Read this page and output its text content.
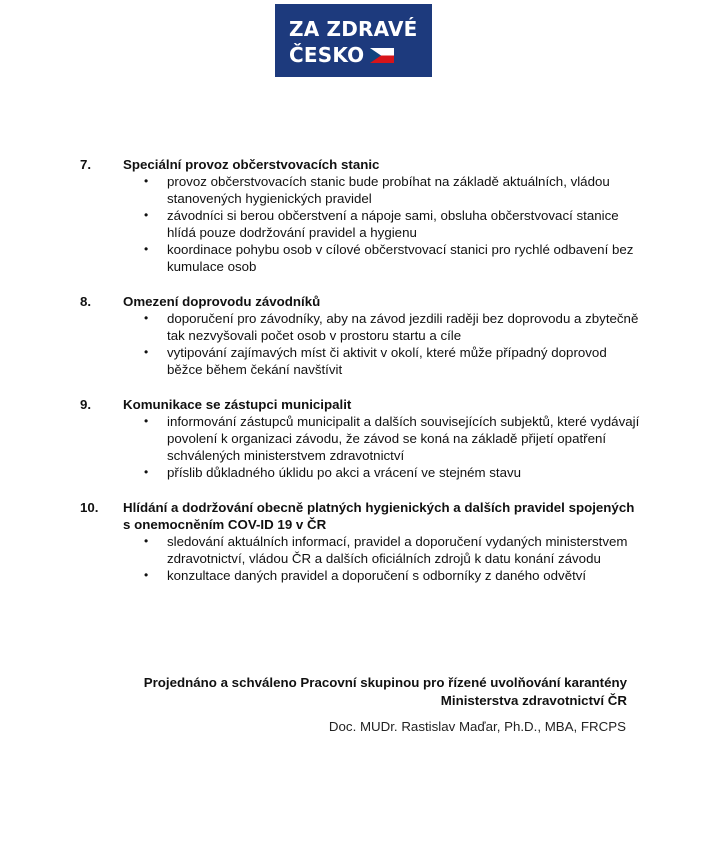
ZA ZDRAVÉ
ČESKO
7.	Speciální provoz občerstvovacích stanic
• provoz občerstvovacích stanic bude probíhat na základě aktuálních, vládou stanovených hygienických pravidel
• závodníci si berou občerstvení a nápoje sami, obsluha občerstvovací stanice hlídá pouze dodržování pravidel a hygienu
• koordinace pohybu osob v cílové občerstvovací stanici pro rychlé odbavení bez kumulace osob
8.	Omezení doprovodu závodníků
• doporučení pro závodníky, aby na závod jezdili raději bez doprovodu a zbytečně tak nezvyšovali počet osob v prostoru startu a cíle
• vytipování zajímavých míst či aktivit v okolí, které může případný doprovod běžce během čekání navštívit
9.	Komunikace se zástupci municipalit
• informování zástupců municipalit a dalších souvisejících subjektů, které vydávají povolení k organizaci závodu, že závod se koná na základě přijetí opatření schválených ministerstvem zdravotnictví
• příslib důkladného úklidu po akci a vrácení ve stejném stavu
10.	Hlídání a dodržování obecně platných hygienických a dalších pravidel spojených s onemocněním COV-ID 19 v ČR
• sledování aktuálních informací, pravidel a doporučení vydaných ministerstvem zdravotnictví, vládou ČR a dalších oficiálních zdrojů k datu konání závodu
• konzultace daných pravidel a doporučení s odborníky z daného odvětví
Projednáno a schváleno Pracovní skupinou pro řízené uvolňování karantény
Ministerstva zdravotnictví ČR
Doc. MUDr. Rastislav Maďar, Ph.D., MBA, FRCPS
